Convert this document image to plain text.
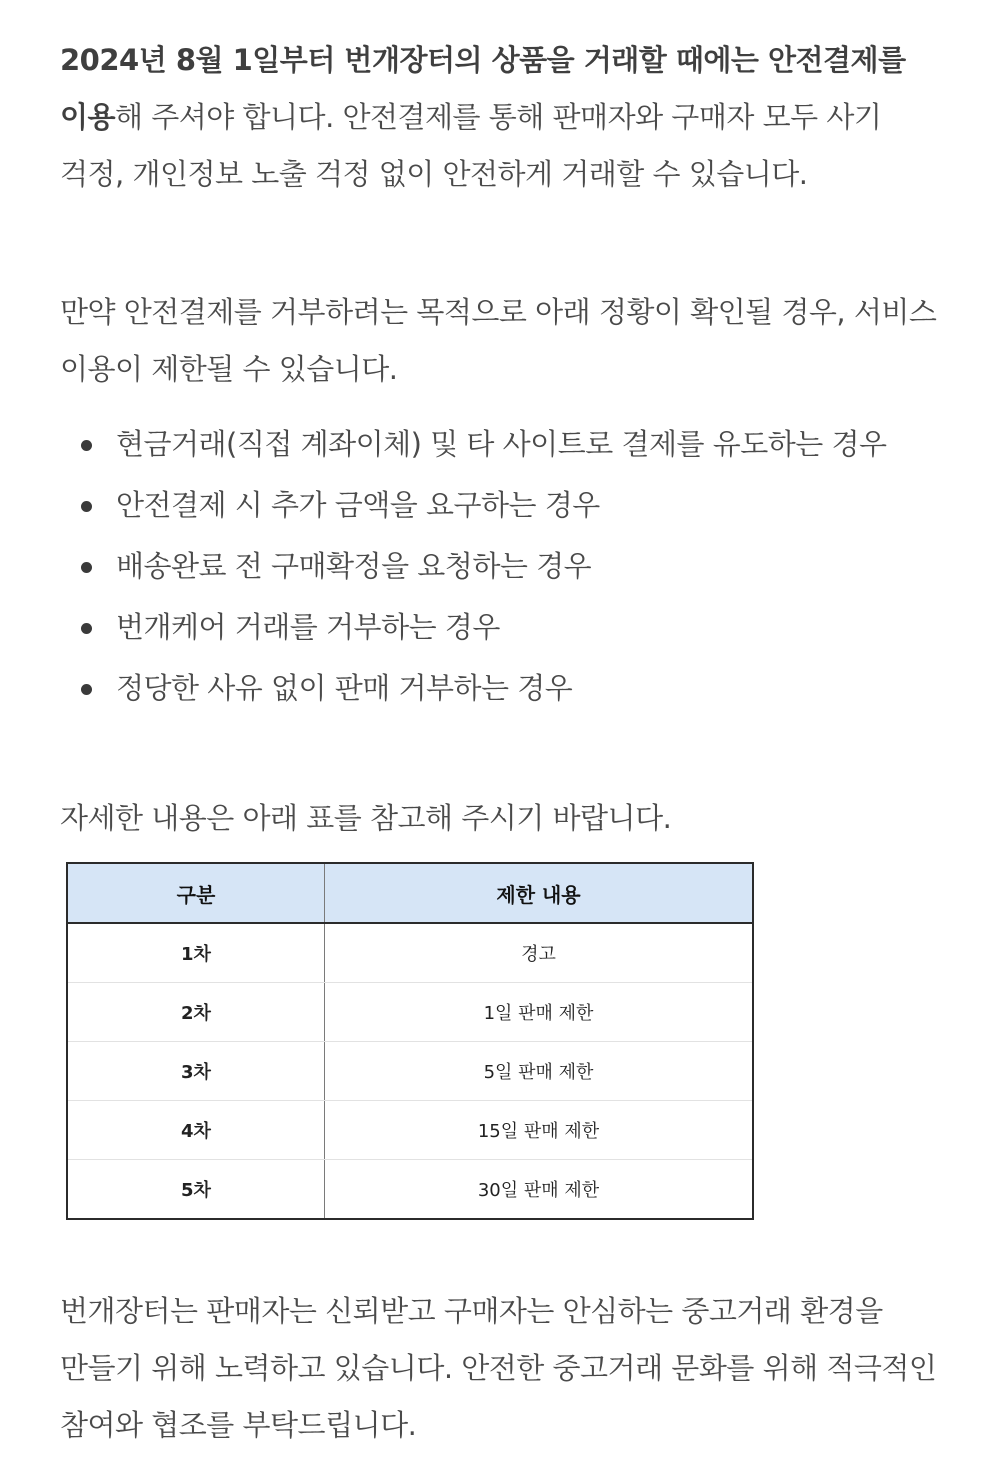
2024년 8월 1일부터 번개장터의 상품을 거래할 때에는 안전결제를 이용해 주셔야 합니다. 안전결제를 통해 판매자와 구매자 모두 사기 걱정, 개인정보 노출 걱정 없이 안전하게 거래할 수 있습니다.

만약 안전결제를 거부하려는 목적으로 아래 정황이 확인될 경우, 서비스 이용이 제한될 수 있습니다.

현금거래(직접 계좌이체) 및 타 사이트로 결제를 유도하는 경우
안전결제 시 추가 금액을 요구하는 경우
배송완료 전 구매확정을 요청하는 경우
번개케어 거래를 거부하는 경우
정당한 사유 없이 판매 거부하는 경우

자세한 내용은 아래 표를 참고해 주시기 바랍니다.

구분	제한 내용
1차	경고
2차	1일 판매 제한
3차	5일 판매 제한
4차	15일 판매 제한
5차	30일 판매 제한

번개장터는 판매자는 신뢰받고 구매자는 안심하는 중고거래 환경을 만들기 위해 노력하고 있습니다. 안전한 중고거래 문화를 위해 적극적인 참여와 협조를 부탁드립니다.
